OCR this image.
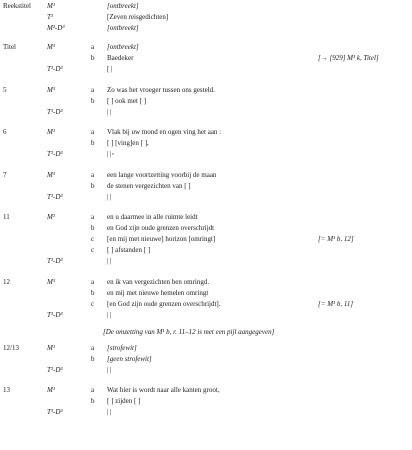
Reekstitel M¹	[ontbreekt]
T¹	[Zeven reisgedichten]
M²-D³	[ontbreekt]
Titel	M¹	a [ontbreekt]
b Baedeker	[→ [929] M¹ k, Titel]
T¹-D³	[ |
5	M¹	a Zo was het vroeger tussen ons gesteld.
b [ ] ook met [ ]
T¹-D³	| |
6	M¹	a Vlak bij uw mond en ogen ving het aan :
b [ ] [ving]en [ ],
T¹-D³	| |◦
7	M¹	a een lange voortzetting voorbij de maan
b de stenen vergezichten van [ ]
T¹-D³	| |
11	M¹	a en u daarmee in alle ruimte leidt
b en God zijn oude grenzen overschrijdt
c [en mij met nieuwe] horizon [omringt]	[= M¹ b, 12]
c [ ] afstanden [ ]
T¹-D³	| |
12	M¹	a en ik van vergezichten ben omringd.
b en mij met nieuwe hemelen omringt
c [en God zijn oude grenzen overschrijdt].	[= M¹ b, 11]
T¹-D³	| |
[De omzetting van M¹ b, r. 11–12 is met een pijl aangegeven]
12/13	M¹	a [strofewit]
b [geen strofewit]
T¹-D³	| |
13	M¹	a Wat hier is wordt naar alle kanten groot,
b [ ] zijden [ ]
T¹-D³	| |
